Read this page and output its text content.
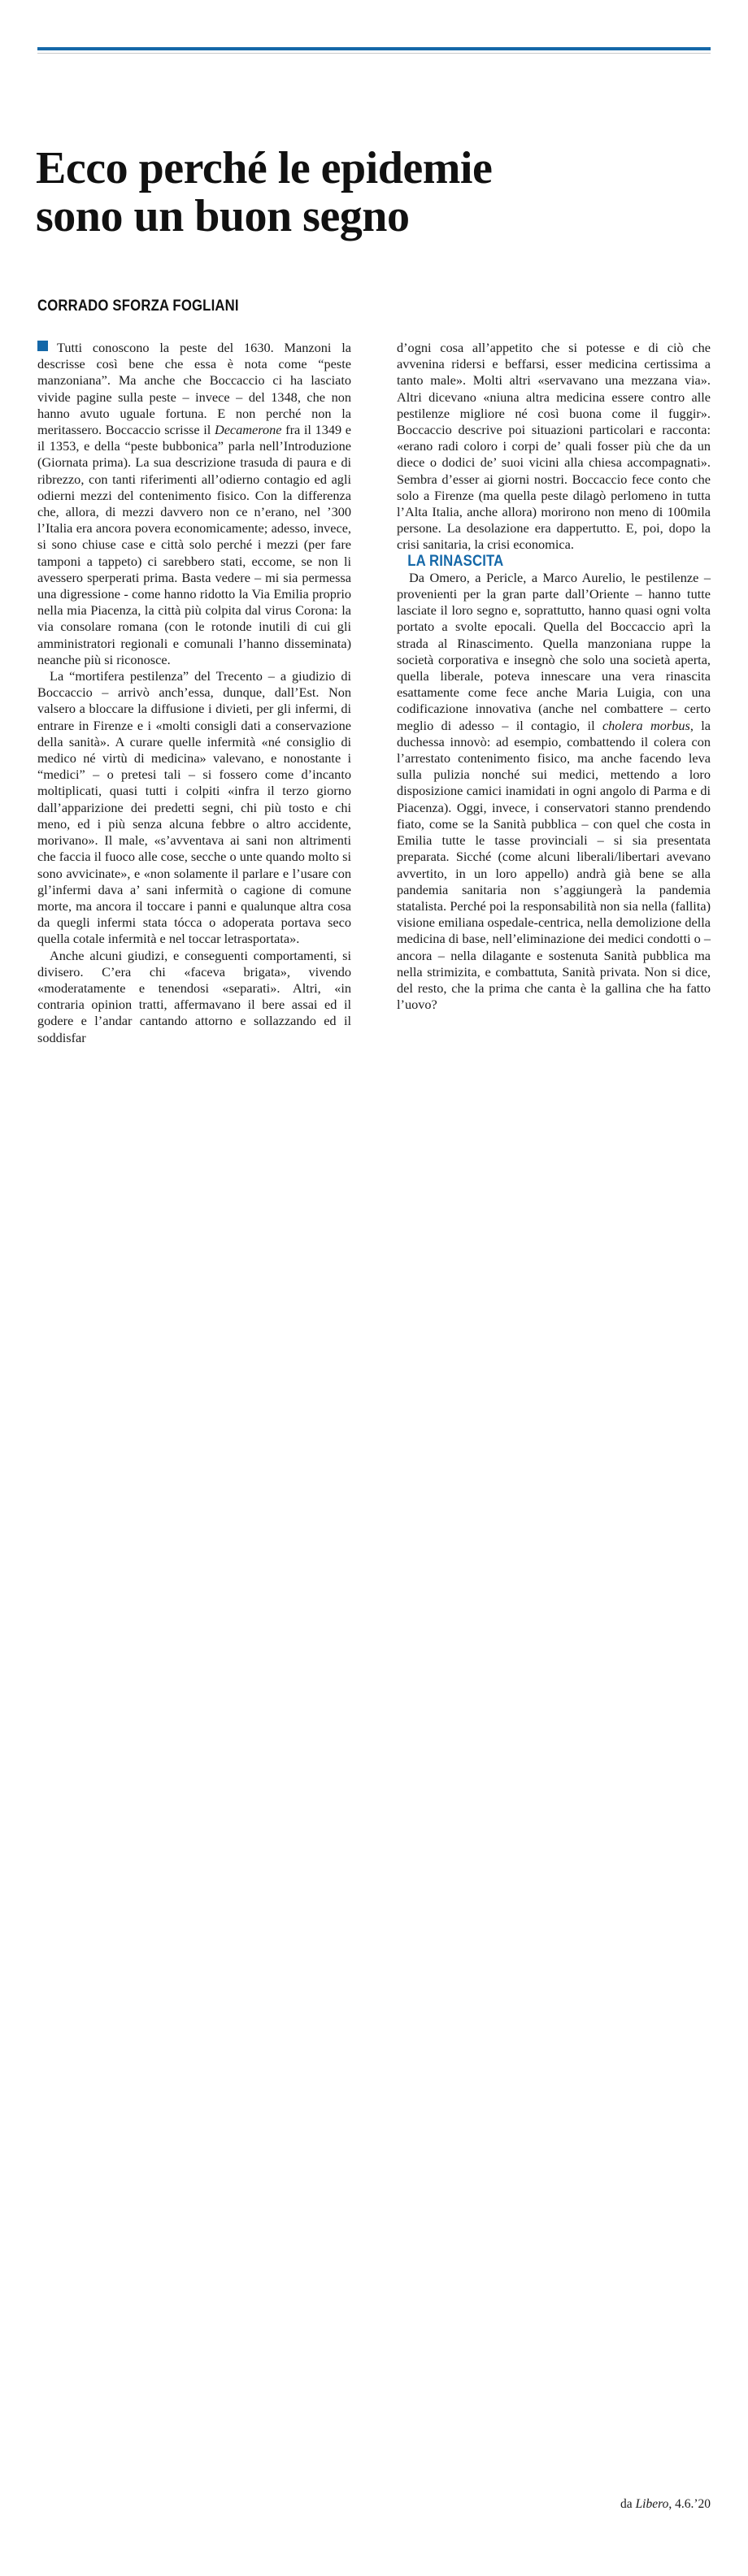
Ecco perché le epidemie
sono un buon segno
CORRADO SFORZA FOGLIANI

Tutti conoscono la peste del 1630. Manzoni la descrisse così bene che essa è nota come “peste manzoniana”. Ma anche che Boccaccio ci ha lasciato vivide pagine sulla peste – invece – del 1348, che non hanno avuto uguale fortuna. E non perché non la meritassero. Boccaccio scrisse il Decamerone fra il 1349 e il 1353, e della “peste bubbonica” parla nell’Introduzione (Giornata prima). La sua descrizione trasuda di paura e di ribrezzo, con tanti riferimenti all’odierno contagio ed agli odierni mezzi del contenimento fisico. Con la differenza che, allora, di mezzi davvero non ce n’erano, nel ’300 l’Italia era ancora povera economicamente; adesso, invece, si sono chiuse case e città solo perché i mezzi (per fare tamponi a tappeto) ci sarebbero stati, eccome, se non li avessero sperperati prima. Basta vedere – mi sia permessa una digressione - come hanno ridotto la Via Emilia proprio nella mia Piacenza, la città più colpita dal virus Corona: la via consolare romana (con le rotonde inutili di cui gli amministratori regionali e comunali l’hanno disseminata) neanche più si riconosce.

La “mortifera pestilenza” del Trecento – a giudizio di Boccaccio – arrivò anch’essa, dunque, dall’Est. Non valsero a bloccare la diffusione i divieti, per gli infermi, di entrare in Firenze e i «molti consigli dati a conservazione della sanità». A curare quelle infermità «né consiglio di medico né virtù di medicina» valevano, e nonostante i “medici” – o pretesi tali – si fossero come d’incanto moltiplicati, quasi tutti i colpiti «infra il terzo giorno dall’apparizione dei predetti segni, chi più tosto e chi meno, ed i più senza alcuna febbre o altro accidente, morivano». Il male, «s’avventava ai sani non altrimenti che faccia il fuoco alle cose, secche o unte quando molto si sono avvicinate», e «non solamente il parlare e l’usare con gl’infermi dava a’ sani infermità o cagione di comune morte, ma ancora il toccare i panni e qualunque altra cosa da quegli infermi stata tócca o adoperata portava seco quella cotale infermità e nel toccar letrasportata».

Anche alcuni giudizi, e conseguenti comportamenti, si divisero. C’era chi «faceva brigata», vivendo «moderatamente e tenendosi «separati». Altri, «in contraria opinion tratti, affermavano il bere assai ed il godere e l’andar cantando attorno e sollazzando ed il soddisfar

d’ogni cosa all’appetito che si potesse e di ciò che avvenina ridersi e beffarsi, esser medicina certissima a tanto male». Molti altri «servavano una mezzana via». Altri dicevano «niuna altra medicina essere contro alle pestilenze migliore né così buona come il fuggir». Boccaccio descrive poi situazioni particolari e racconta: «erano radi coloro i corpi de’ quali fosser più che da un diece o dodici de’ suoi vicini alla chiesa accompagnati». Sembra d’esser ai giorni nostri. Boccaccio fece conto che solo a Firenze (ma quella peste dilagò perlomeno in tutta l’Alta Italia, anche allora) morirono non meno di 100mila persone. La desolazione era dappertutto. E, poi, dopo la crisi sanitaria, la crisi economica.

LA RINASCITA

Da Omero, a Pericle, a Marco Aurelio, le pestilenze – provenienti per la gran parte dall’Oriente – hanno tutte lasciate il loro segno e, soprattutto, hanno quasi ogni volta portato a svolte epocali. Quella del Boccaccio aprì la strada al Rinascimento. Quella manzoniana ruppe la società corporativa e insegnò che solo una società aperta, quella liberale, poteva innescare una vera rinascita esattamente come fece anche Maria Luigia, con una codificazione innovativa (anche nel combattere – certo meglio di adesso – il contagio, il cholera morbus, la duchessa innovò: ad esempio, combattendo il colera con l’arrestato contenimento fisico, ma anche facendo leva sulla pulizia nonché sui medici, mettendo a loro disposizione camici inamidati in ogni angolo di Parma e di Piacenza). Oggi, invece, i conservatori stanno prendendo fiato, come se la Sanità pubblica – con quel che costa in Emilia tutte le tasse provinciali – si sia presentata preparata. Sicché (come alcuni liberali/libertari avevano avvertito, in un loro appello) andrà già bene se alla pandemia sanitaria non s’aggiungerà la pandemia statalista. Perché poi la responsabilità non sia nella (fallita) visione emiliana ospedale-centrica, nella demolizione della medicina di base, nell’eliminazione dei medici condotti o – ancora – nella dilagante e sostenuta Sanità pubblica ma nella strimizita, e combattuta, Sanità privata. Non si dice, del resto, che la prima che canta è la gallina che ha fatto l’uovo?

da Libero, 4.6.’20
